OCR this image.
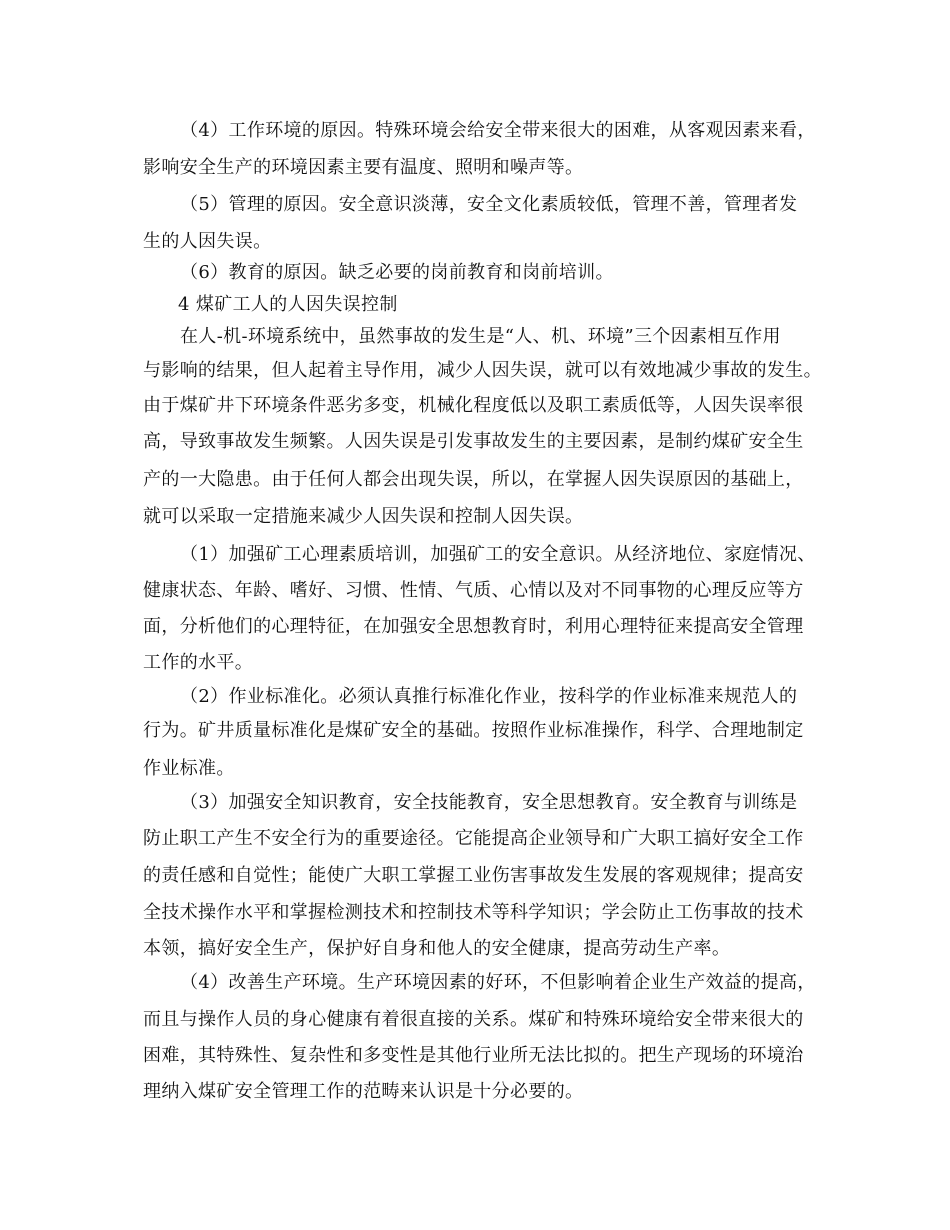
（4）工作环境的原因。特殊环境会给安全带来很大的困难，从客观因素来看，
影响安全生产的环境因素主要有温度、照明和噪声等。
（5）管理的原因。安全意识淡薄，安全文化素质较低，管理不善，管理者发
生的人因失误。
（6）教育的原因。缺乏必要的岗前教育和岗前培训。
4 煤矿工人的人因失误控制
在人-机-环境系统中，虽然事故的发生是“人、机、环境”三个因素相互作用
与影响的结果，但人起着主导作用，减少人因失误，就可以有效地减少事故的发生。
由于煤矿井下环境条件恶劣多变，机械化程度低以及职工素质低等，人因失误率很
高，导致事故发生频繁。人因失误是引发事故发生的主要因素，是制约煤矿安全生
产的一大隐患。由于任何人都会出现失误，所以，在掌握人因失误原因的基础上，
就可以采取一定措施来减少人因失误和控制人因失误。
（1）加强矿工心理素质培训，加强矿工的安全意识。从经济地位、家庭情况、
健康状态、年龄、嗜好、习惯、性情、气质、心情以及对不同事物的心理反应等方
面，分析他们的心理特征，在加强安全思想教育时，利用心理特征来提高安全管理
工作的水平。
（2）作业标准化。必须认真推行标准化作业，按科学的作业标准来规范人的
行为。矿井质量标准化是煤矿安全的基础。按照作业标准操作，科学、合理地制定
作业标准。
（3）加强安全知识教育，安全技能教育，安全思想教育。安全教育与训练是
防止职工产生不安全行为的重要途径。它能提高企业领导和广大职工搞好安全工作
的责任感和自觉性；能使广大职工掌握工业伤害事故发生发展的客观规律；提高安
全技术操作水平和掌握检测技术和控制技术等科学知识；学会防止工伤事故的技术
本领，搞好安全生产，保护好自身和他人的安全健康，提高劳动生产率。
（4）改善生产环境。生产环境因素的好环，不但影响着企业生产效益的提高，
而且与操作人员的身心健康有着很直接的关系。煤矿和特殊环境给安全带来很大的
困难，其特殊性、复杂性和多变性是其他行业所无法比拟的。把生产现场的环境治
理纳入煤矿安全管理工作的范畴来认识是十分必要的。
